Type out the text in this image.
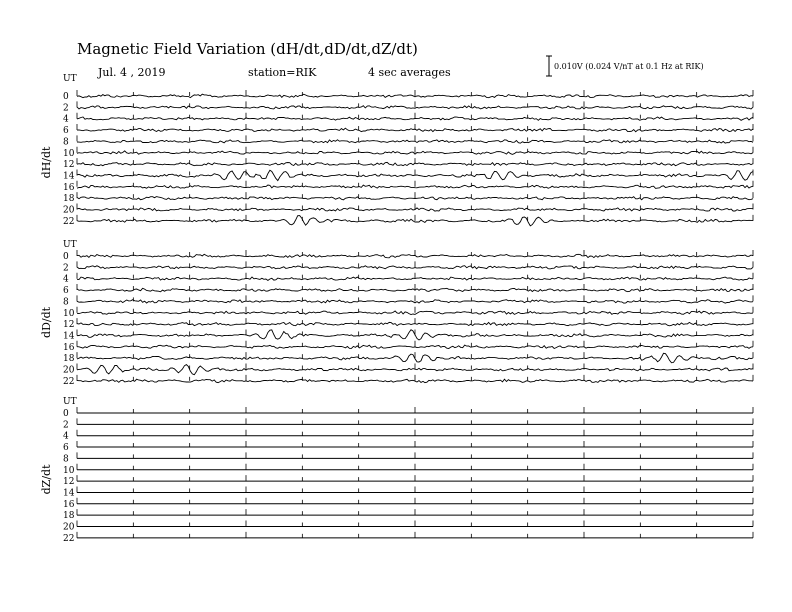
Magnetic Field Variation (dH/dt,dD/dt,dZ/dt)
Jul. 4 , 2019	station=RIK	4 sec averages	0.010V (0.024 V/nT at 0.1 Hz at RIK)
UT
dH/dt
0
2
4
6
8
10
12
14
16
18
20
22
UT
dD/dt
0
2
4
6
8
10
12
14
16
18
20
22
UT
dZ/dt
0
2
4
6
8
10
12
14
16
18
20
22
